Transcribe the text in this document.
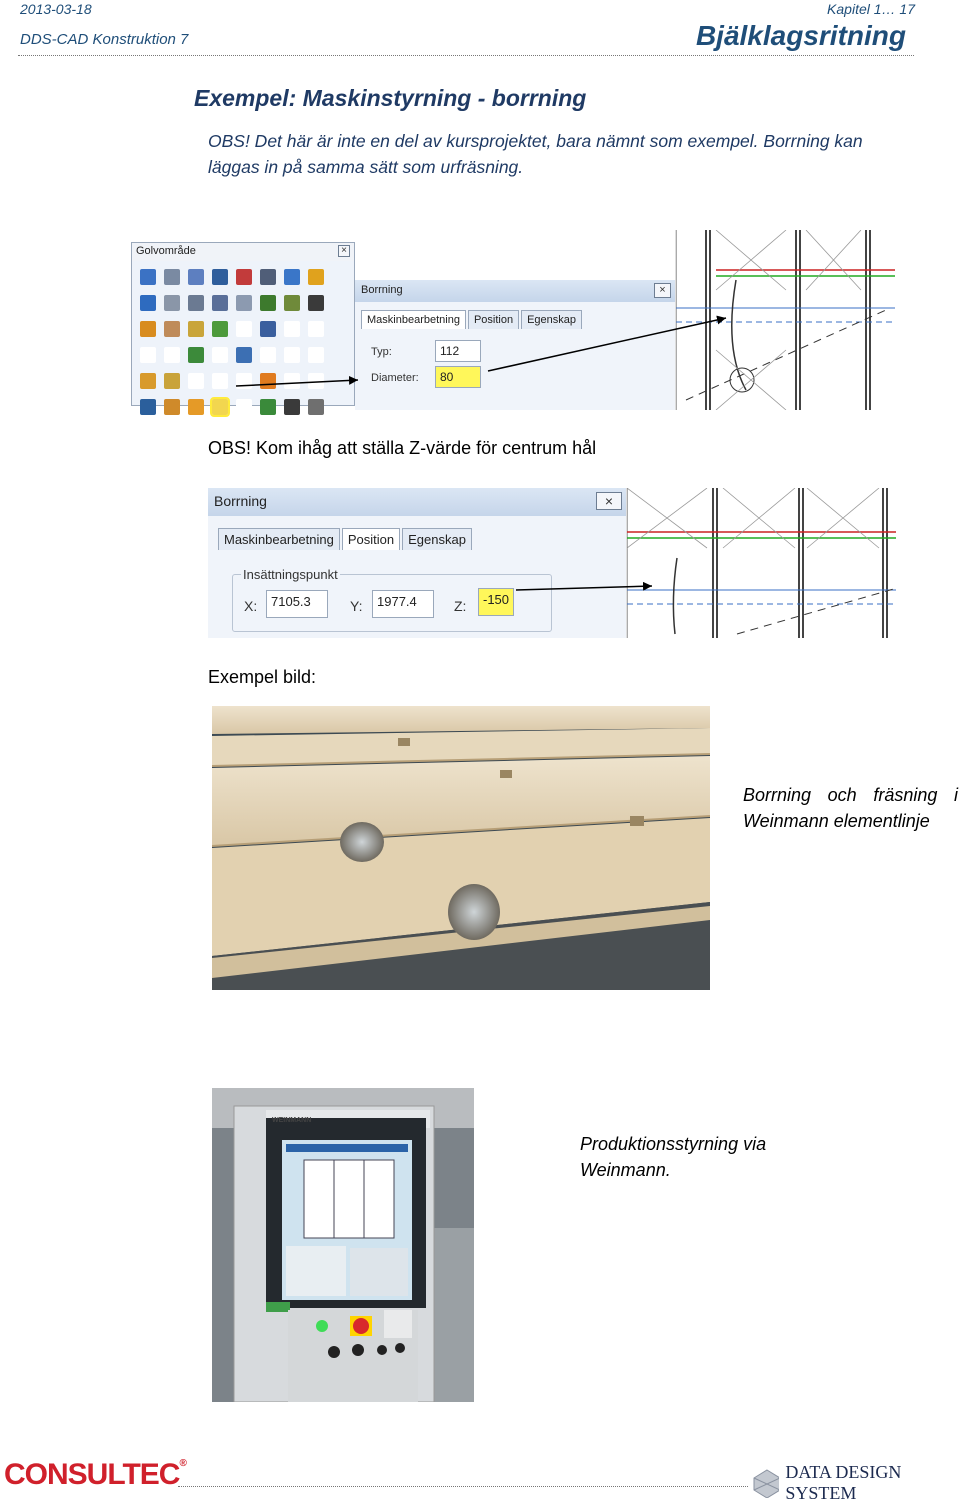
2013-03-18	Kapitel 1… 17
DDS-CAD Konstruktion 7	Bjälklagsritning
Exempel: Maskinstyrning - borrning
OBS! Det här är inte en del av kursprojektet, bara nämnt som exempel. Borrning kan läggas in på samma sätt som urfräsning.
Golvområde	×
Borrning	×
Maskinbearbetning	Position	Egenskap
Typ:	112
Diameter:	80
OBS! Kom ihåg att ställa Z-värde för centrum hål
Borrning	×
Maskinbearbetning	Position	Egenskap
Insättningspunkt
X:	7105.3	Y:	1977.4	Z:	-150
Exempel bild:
Borrning och fräsning i Weinmann elementlinje
WEINMANN
Produktionsstyrning via Weinmann.
CONSULTEC®	DATA DESIGN SYSTEM
